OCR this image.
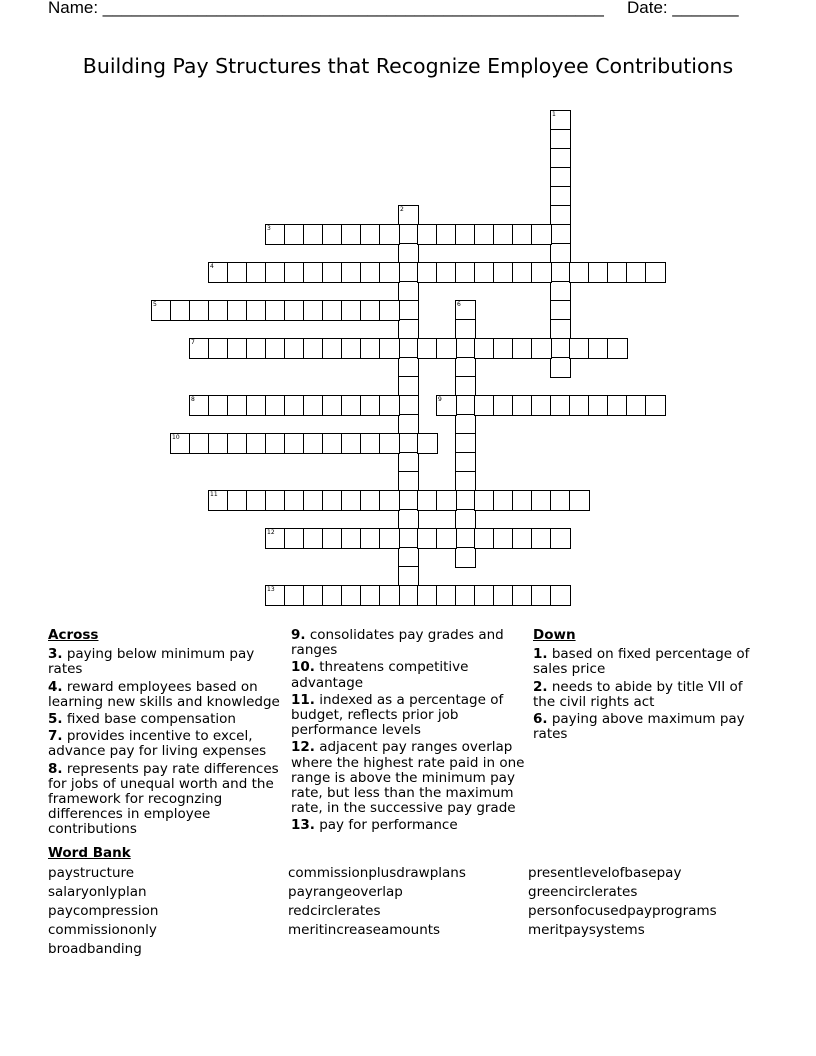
Name: _____________________________________________________ Date: _______
Building Pay Structures that Recognize Employee Contributions
1
2
3
4
5	6
7
8	9
10
11
12
13
Across
3. paying below minimum pay rates
4. reward employees based on learning new skills and knowledge
5. fixed base compensation
7. provides incentive to excel, advance pay for living expenses
8. represents pay rate differences for jobs of unequal worth and the framework for recognzing differences in employee contributions
9. consolidates pay grades and ranges
10. threatens competitive advantage
11. indexed as a percentage of budget, reflects prior job performance levels
12. adjacent pay ranges overlap where the highest rate paid in one range is above the minimum pay rate, but less than the maximum rate, in the successive pay grade
13. pay for performance
Down
1. based on fixed percentage of sales price
2. needs to abide by title VII of the civil rights act
6. paying above maximum pay rates
Word Bank
paystructure
salaryonlyplan
paycompression
commissiononly
broadbanding
commissionplusdrawplans
payrangeoverlap
redcirclerates
meritincreaseamounts
presentlevelofbasepay
greencirclerates
personfocusedpayprograms
meritpaysystems
